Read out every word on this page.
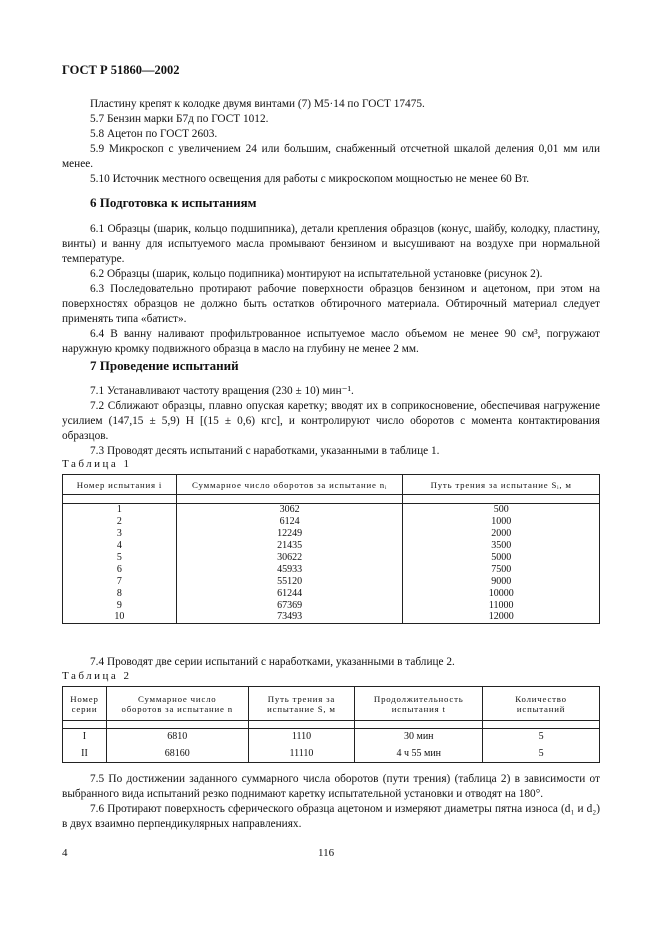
ГОСТ Р 51860—2002
Пластину крепят к колодке двумя винтами (7) М5·14 по ГОСТ 17475.
5.7 Бензин марки Б7д по ГОСТ 1012.
5.8 Ацетон по ГОСТ 2603.
5.9 Микроскоп с увеличением 24 или большим, снабженный отсчетной шкалой деления 0,01 мм или менее.
5.10 Источник местного освещения для работы с микроскопом мощностью не менее 60 Вт.
6 Подготовка к испытаниям
6.1 Образцы (шарик, кольцо подшипника), детали крепления образцов (конус, шайбу, колодку, пластину, винты) и ванну для испытуемого масла промывают бензином и высушивают на воздухе при нормальной температуре.
6.2 Образцы (шарик, кольцо подипника) монтируют на испытательной установке (рисунок 2).
6.3 Последовательно протирают рабочие поверхности образцов бензином и ацетоном, при этом на поверхностях образцов не должно быть остатков обтирочного материала. Обтирочный материал следует применять типа «батист».
6.4 В ванну наливают профильтрованное испытуемое масло объемом не менее 90 см³, погружают наружную кромку подвижного образца в масло на глубину не менее 2 мм.
7 Проведение испытаний
7.1 Устанавливают частоту вращения (230 ± 10) мин⁻¹.
7.2 Сближают образцы, плавно опуская каретку; вводят их в соприкосновение, обеспечивая нагружение усилием (147,15 ± 5,9) Н [(15 ± 0,6) кгс], и контролируют число оборотов с момента контактирования образцов.
7.3 Проводят десять испытаний с наработками, указанными в таблице 1.
Таблица 1
Номер испытания i	Суммарное число оборотов за испытание nᵢ	Путь трения за испытание Sᵢ, м

1	3062	500
2	6124	1000
3	12249	2000
4	21435	3500
5	30622	5000
6	45933	7500
7	55120	9000
8	61244	10000
9	67369	11000
10	73493	12000
7.4 Проводят две серии испытаний с наработками, указанными в таблице 2.
Таблица 2
Номер серии	Суммарное число оборотов за испытание n	Путь трения за испытание S, м	Продолжительность испытания t	Количество испытаний

I	6810	1110	30 мин	5
II	68160	11110	4 ч 55 мин	5
7.5 По достижении заданного суммарного числа оборотов (пути трения) (таблица 2) в зависимости от выбранного вида испытаний резко поднимают каретку испытательной установки и отводят на 180°.
7.6 Протирают поверхность сферического образца ацетоном и измеряют диаметры пятна износа (d₁ и d₂) в двух взаимно перпендикулярных направлениях.
4	116
